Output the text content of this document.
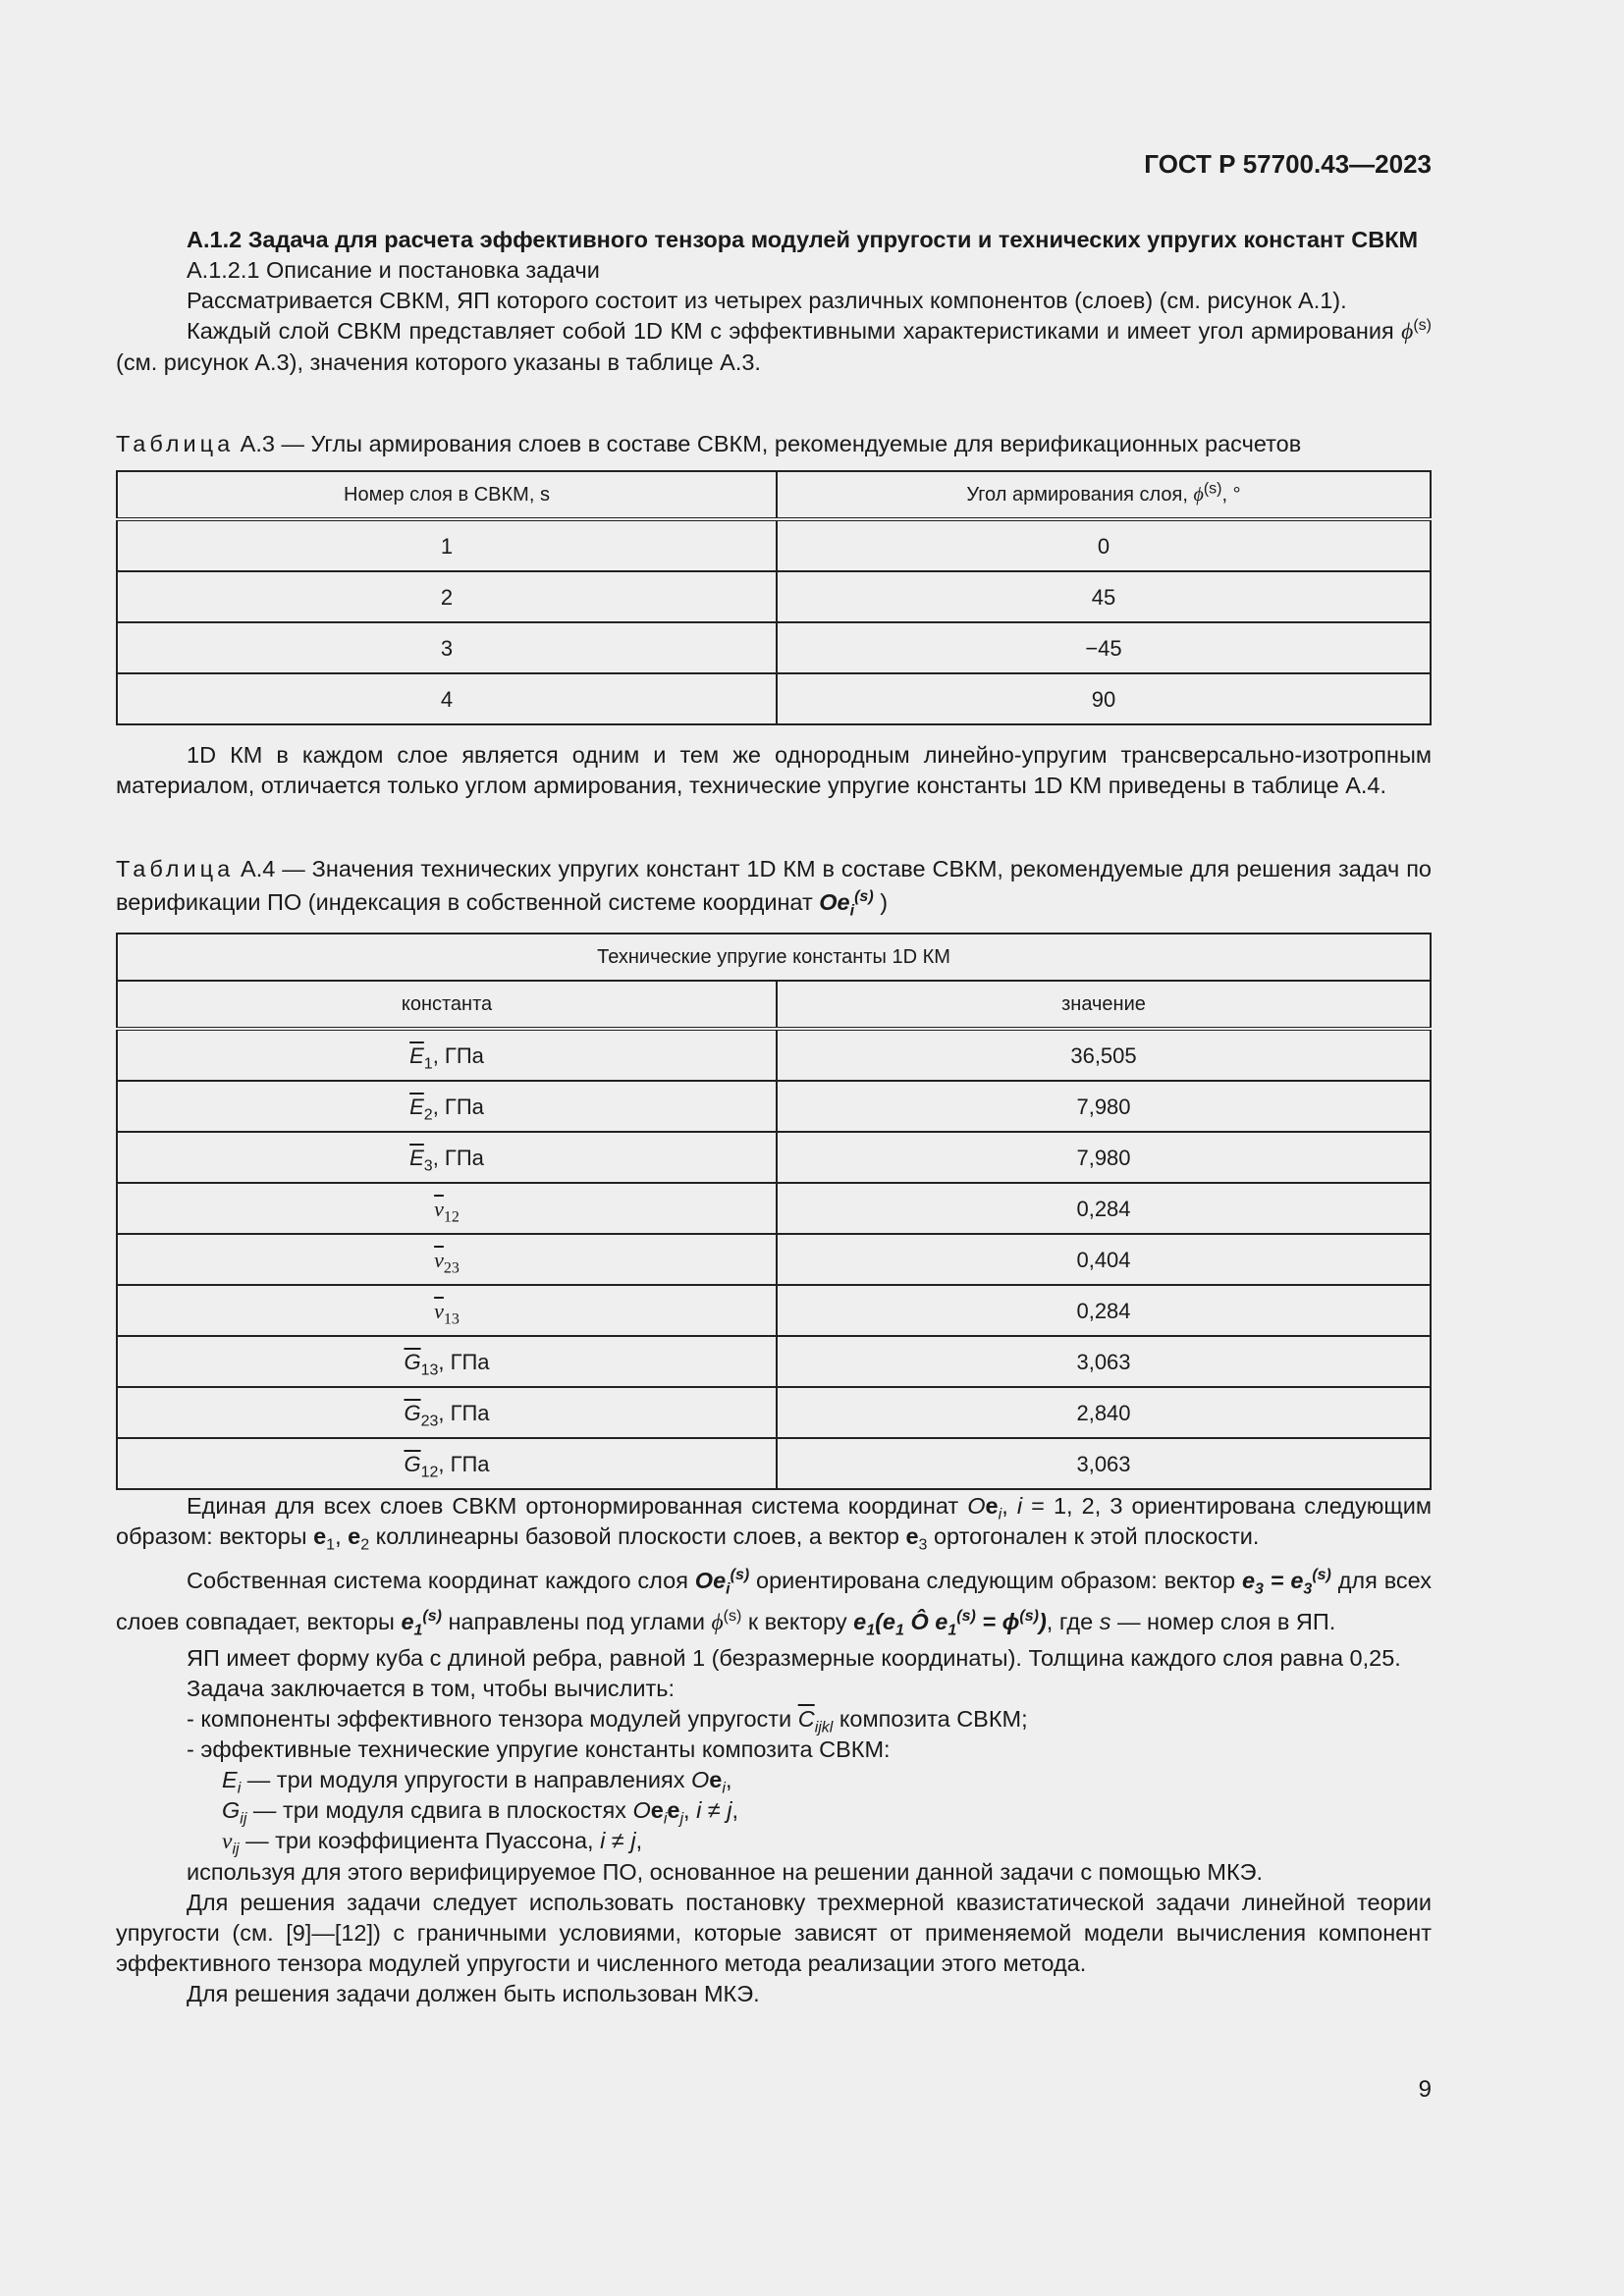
ГОСТ Р 57700.43—2023

А.1.2 Задача для расчета эффективного тензора модулей упругости и технических упругих констант СВКМ

А.1.2.1 Описание и постановка задачи

Рассматривается СВКМ, ЯП которого состоит из четырех различных компонентов (слоев) (см. рисунок А.1).

Каждый слой СВКМ представляет собой 1D КМ с эффективными характеристиками и имеет угол армирования $\phi^{(s)}$ (см. рисунок А.3), значения которого указаны в таблице А.3.

Таблица А.3 — Углы армирования слоев в составе СВКМ, рекомендуемые для верификационных расчетов

Номер слоя в СВКМ, s	Угол армирования слоя, $\phi^{(s)}$, °
1	0
2	45
3	−45
4	90

1D КМ в каждом слое является одним и тем же однородным линейно-упругим трансверсально-изотропным материалом, отличается только углом армирования, технические упругие константы 1D КМ приведены в таблице А.4.

Таблица А.4 — Значения технических упругих констант 1D КМ в составе СВКМ, рекомендуемые для решения задач по верификации ПО (индексация в собственной системе координат $Oe_i^{(s)}$ )

Технические упругие константы 1D КМ	
константа	значение
$\overline{E}_1$, ГПа	36,505
$\overline{E}_2$, ГПа	7,980
$\overline{E}_3$, ГПа	7,980
$\overline{\nu}_{12}$	0,284
$\overline{\nu}_{23}$	0,404
$\overline{\nu}_{13}$	0,284
$\overline{G}_{13}$, ГПа	3,063
$\overline{G}_{23}$, ГПа	2,840
$\overline{G}_{12}$, ГПа	3,063

Единая для всех слоев СВКМ ортонормированная система координат $Oe_i$, i = 1, 2, 3 ориентирована следующим образом: векторы $e_1$, $e_2$ коллинеарны базовой плоскости слоев, а вектор $e_3$ ортогонален к этой плоскости.

Собственная система координат каждого слоя $Oe_i^{(s)}$ ориентирована следующим образом: вектор $e_3 = e_3^{(s)}$ для всех слоев совпадает, векторы $e_1^{(s)}$ направлены под углами $\phi^{(s)}$ к вектору $e_1(e_1$ Ô $e_1^{(s)} = \phi^{(s)}$), где s — номер слоя в ЯП.

ЯП имеет форму куба с длиной ребра, равной 1 (безразмерные координаты). Толщина каждого слоя равна 0,25.

Задача заключается в том, чтобы вычислить:

- компоненты эффективного тензора модулей упругости $\overline{C}_{ijkl}$ композита СВКМ;

- эффективные технические упругие константы композита СВКМ:

$E_i$ — три модуля упругости в направлениях $Oe_i$,

$G_{ij}$ — три модуля сдвига в плоскостях $Oe_ie_j$, i ≠ j,

$\nu_{ij}$ — три коэффициента Пуассона, i ≠ j,

используя для этого верифицируемое ПО, основанное на решении данной задачи с помощью МКЭ.

Для решения задачи следует использовать постановку трехмерной квазистатической задачи линейной теории упругости (см. [9]—[12]) с граничными условиями, которые зависят от применяемой модели вычисления компонент эффективного тензора модулей упругости и численного метода реализации этого метода.

Для решения задачи должен быть использован МКЭ.

9
